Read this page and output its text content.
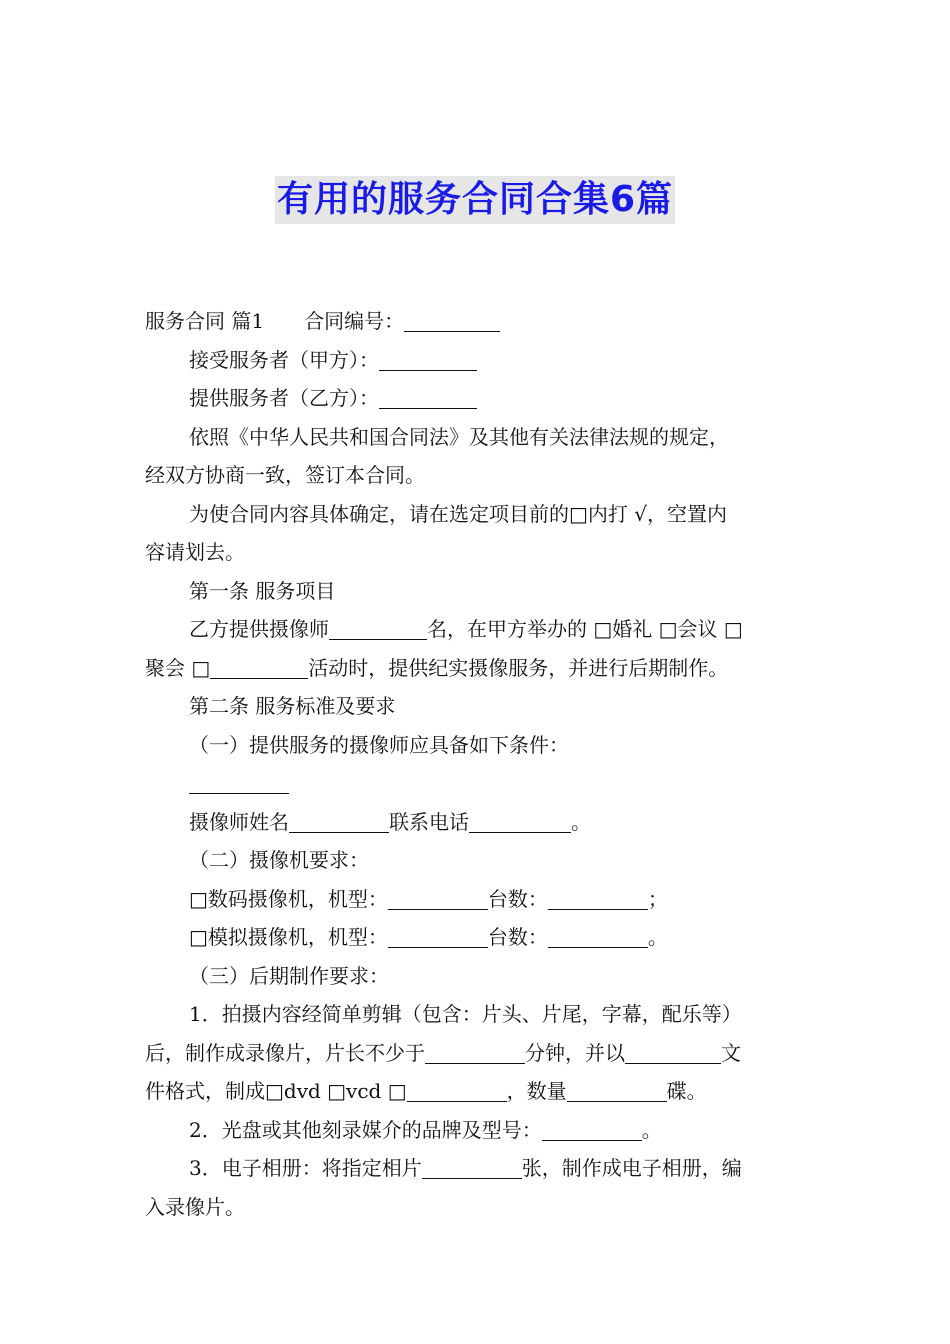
有用的服务合同合集6篇

服务合同 篇1　　合同编号：

接受服务者（甲方）：

提供服务者（乙方）：

依照《中华人民共和国合同法》及其他有关法律法规的规定，

经双方协商一致，签订本合同。

为使合同内容具体确定，请在选定项目前的□内打 √，空置内

容请划去。

第一条 服务项目

乙方提供摄像师	名，在甲方举办的 □婚礼 □会议 □

聚会 □	活动时，提供纪实摄像服务，并进行后期制作。

第二条 服务标准及要求

（一）提供服务的摄像师应具备如下条件：

摄像师姓名	联系电话	。

（二）摄像机要求：

□数码摄像机，机型：	台数：	；

□模拟摄像机，机型：	台数：	。

（三）后期制作要求：

1．拍摄内容经简单剪辑（包含：片头、片尾，字幕，配乐等）

后，制作成录像片，片长不少于	分钟，并以	文

件格式，制成□dvd □vcd □	，数量	碟。

2．光盘或其他刻录媒介的品牌及型号：	。

3．电子相册：将指定相片	张，制作成电子相册，编

入录像片。
